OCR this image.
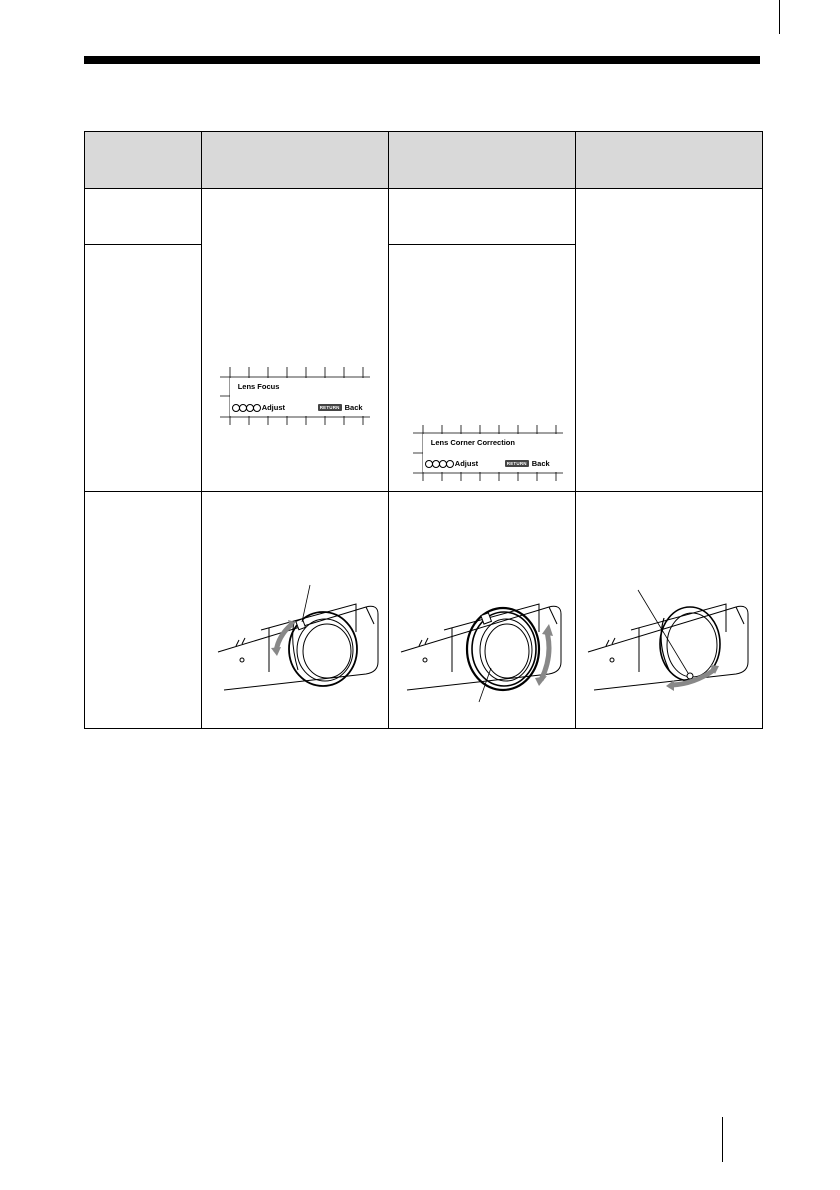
	Lens Focus
Adjust RETURN Back		

		Lens Corner Correction
Adjust RETURN Back	
